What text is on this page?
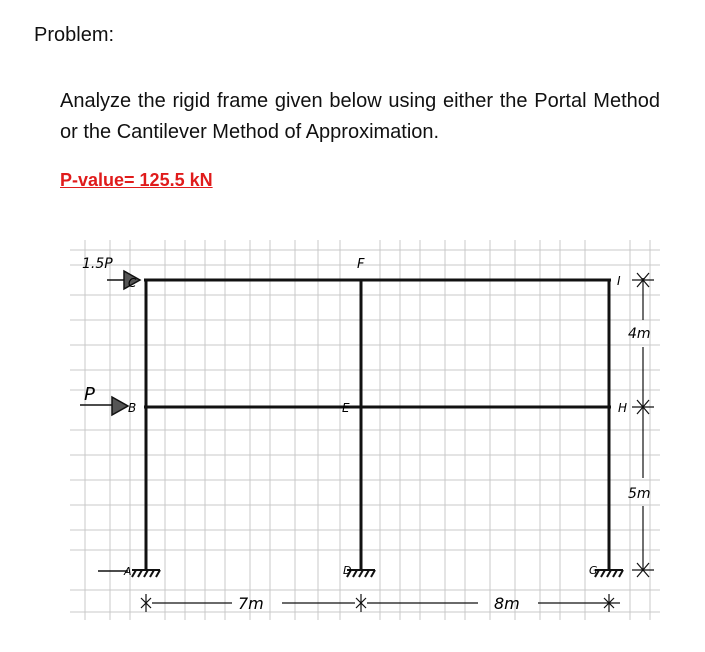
Problem:
Analyze the rigid frame given below using either the Portal Method or the Cantilever Method of Approximation.
P-value= 125.5 kN
1.5P
P
A
B
C
D
E
F
G
H
I
7m	8m
4m
5m
